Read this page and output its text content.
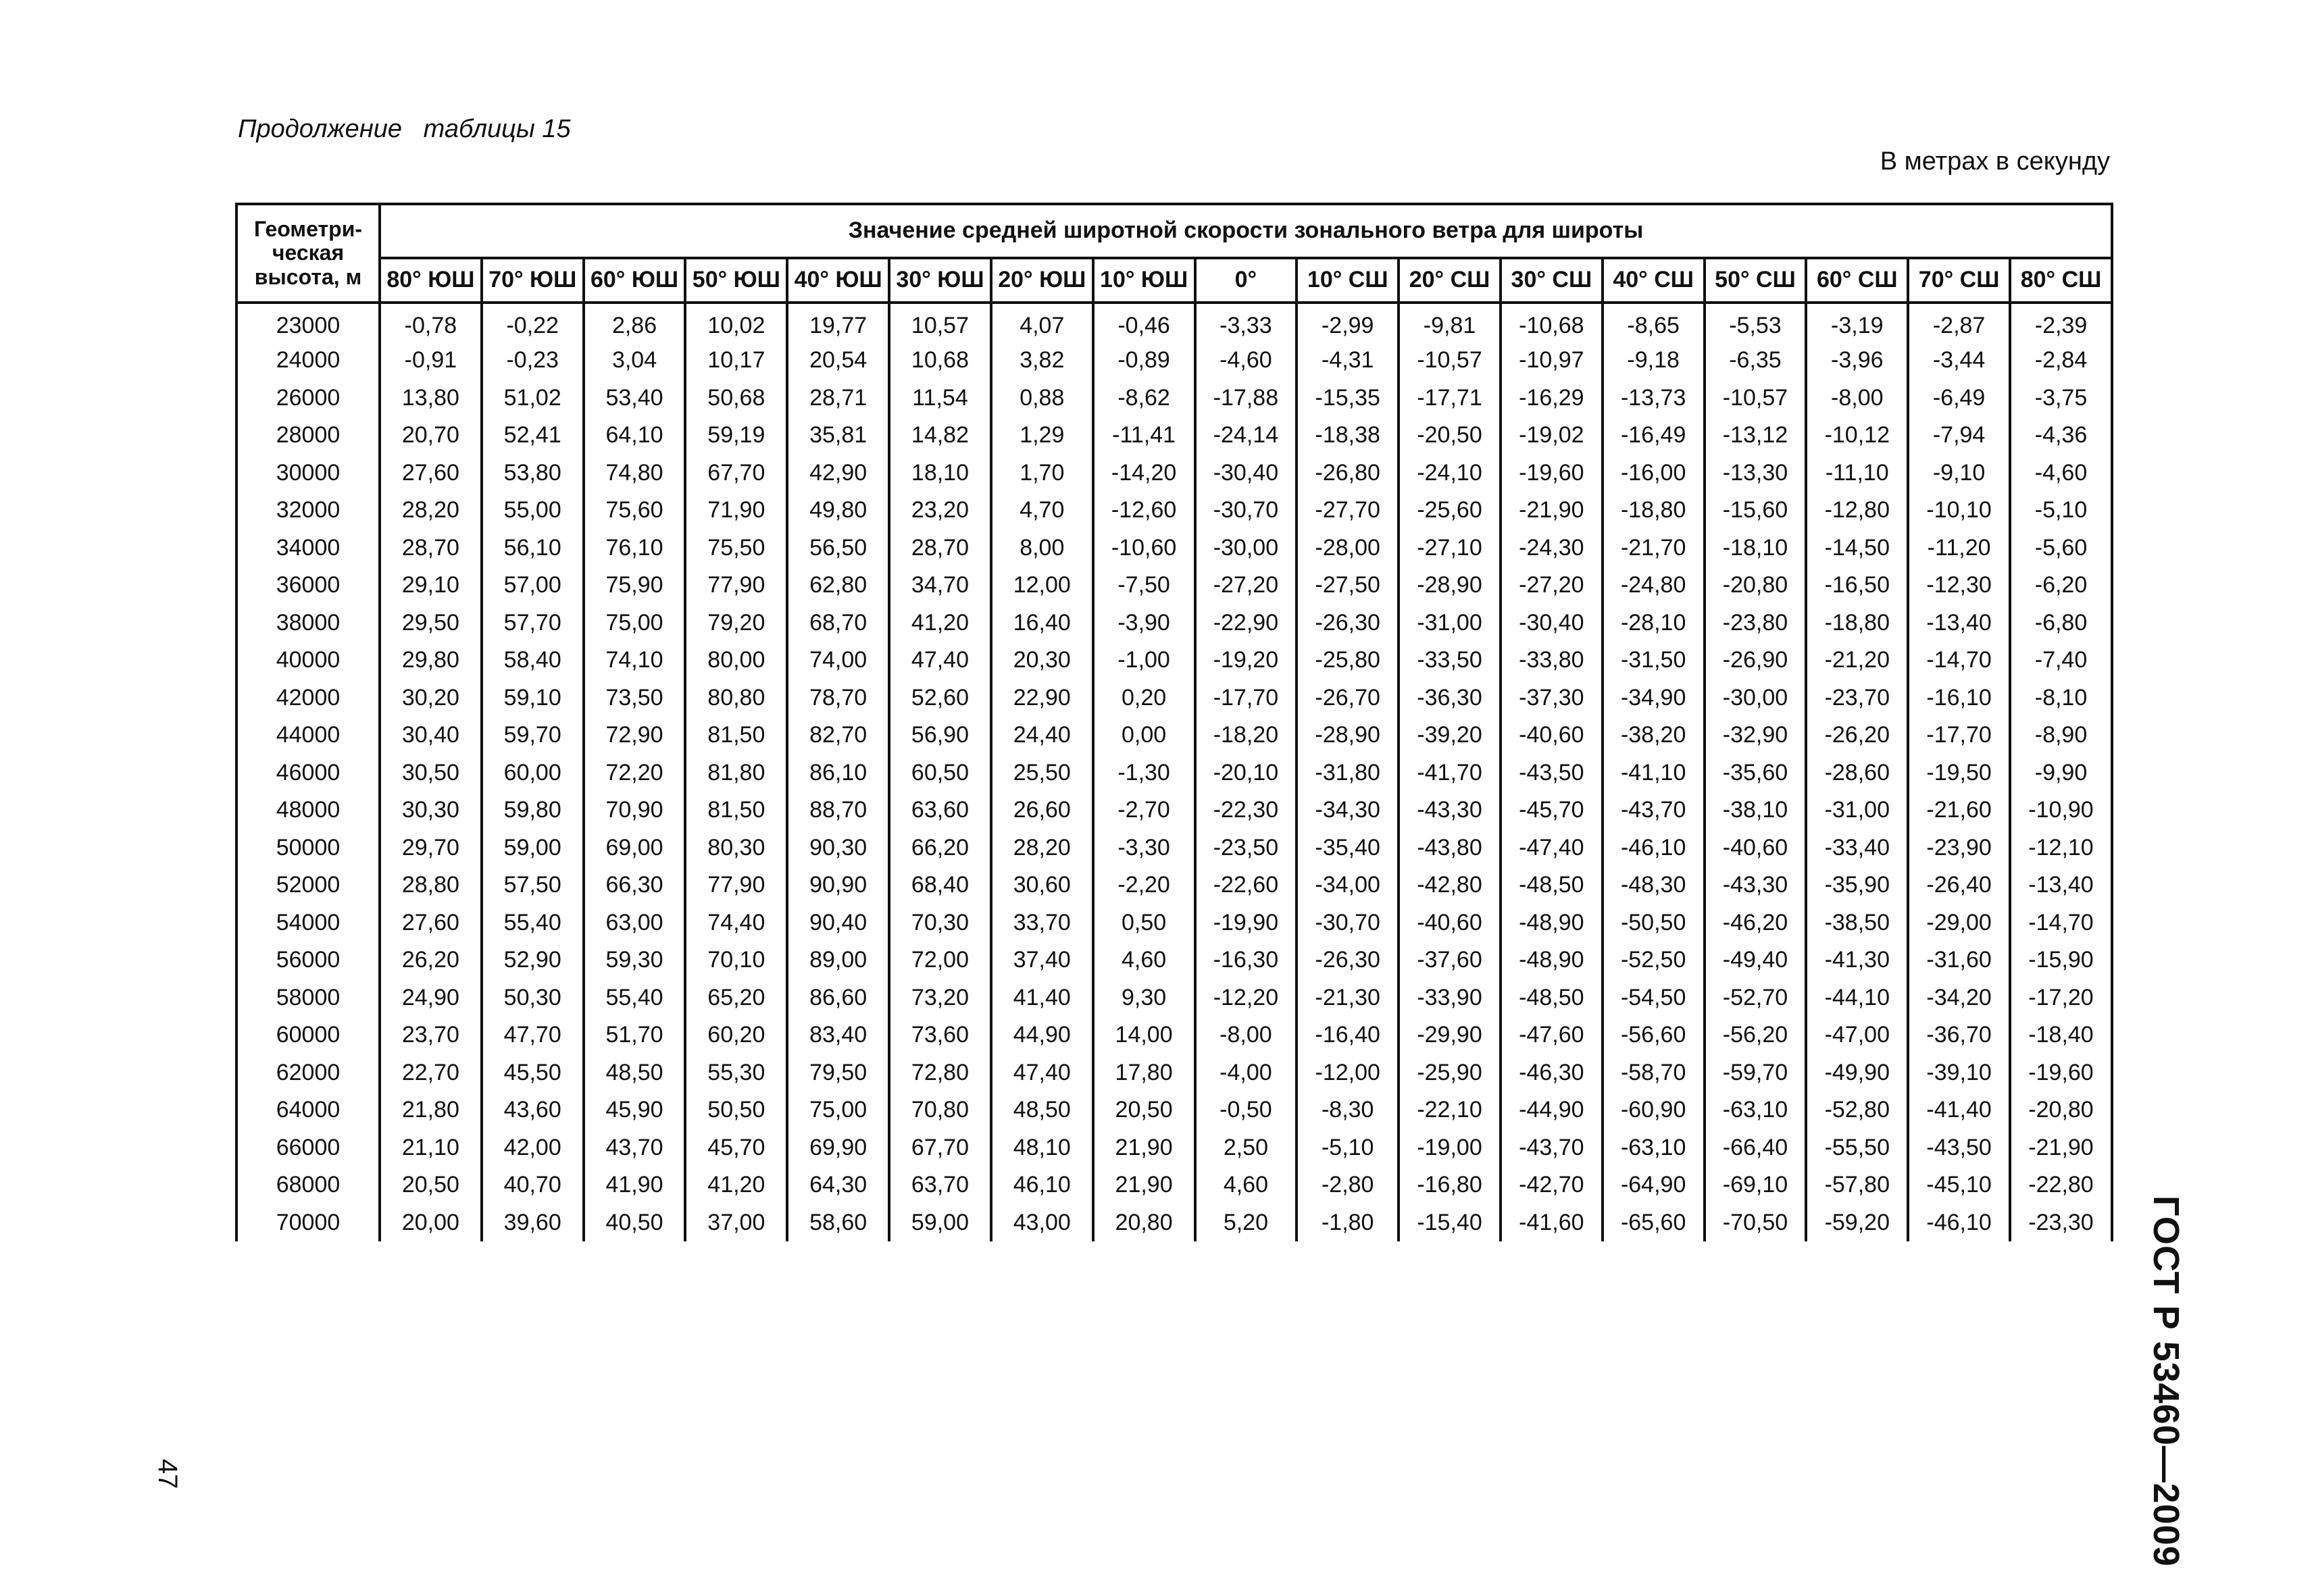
Продолжение   таблицы 15
В метрах в секунду
Геометри-
ческая
высота, м	Значение средней широтной скорости зонального ветра для широты																
	80° ЮШ	70° ЮШ	60° ЮШ	50° ЮШ	40° ЮШ	30° ЮШ	20° ЮШ	10° ЮШ	0°	10° СШ	20° СШ	30° СШ	40° СШ	50° СШ	60° СШ	70° СШ	80° СШ
23000	-0,78	-0,22	2,86	10,02	19,77	10,57	4,07	-0,46	-3,33	-2,99	-9,81	-10,68	-8,65	-5,53	-3,19	-2,87	-2,39
24000	-0,91	-0,23	3,04	10,17	20,54	10,68	3,82	-0,89	-4,60	-4,31	-10,57	-10,97	-9,18	-6,35	-3,96	-3,44	-2,84
26000	13,80	51,02	53,40	50,68	28,71	11,54	0,88	-8,62	-17,88	-15,35	-17,71	-16,29	-13,73	-10,57	-8,00	-6,49	-3,75
28000	20,70	52,41	64,10	59,19	35,81	14,82	1,29	-11,41	-24,14	-18,38	-20,50	-19,02	-16,49	-13,12	-10,12	-7,94	-4,36
30000	27,60	53,80	74,80	67,70	42,90	18,10	1,70	-14,20	-30,40	-26,80	-24,10	-19,60	-16,00	-13,30	-11,10	-9,10	-4,60
32000	28,20	55,00	75,60	71,90	49,80	23,20	4,70	-12,60	-30,70	-27,70	-25,60	-21,90	-18,80	-15,60	-12,80	-10,10	-5,10
34000	28,70	56,10	76,10	75,50	56,50	28,70	8,00	-10,60	-30,00	-28,00	-27,10	-24,30	-21,70	-18,10	-14,50	-11,20	-5,60
36000	29,10	57,00	75,90	77,90	62,80	34,70	12,00	-7,50	-27,20	-27,50	-28,90	-27,20	-24,80	-20,80	-16,50	-12,30	-6,20
38000	29,50	57,70	75,00	79,20	68,70	41,20	16,40	-3,90	-22,90	-26,30	-31,00	-30,40	-28,10	-23,80	-18,80	-13,40	-6,80
40000	29,80	58,40	74,10	80,00	74,00	47,40	20,30	-1,00	-19,20	-25,80	-33,50	-33,80	-31,50	-26,90	-21,20	-14,70	-7,40
42000	30,20	59,10	73,50	80,80	78,70	52,60	22,90	0,20	-17,70	-26,70	-36,30	-37,30	-34,90	-30,00	-23,70	-16,10	-8,10
44000	30,40	59,70	72,90	81,50	82,70	56,90	24,40	0,00	-18,20	-28,90	-39,20	-40,60	-38,20	-32,90	-26,20	-17,70	-8,90
46000	30,50	60,00	72,20	81,80	86,10	60,50	25,50	-1,30	-20,10	-31,80	-41,70	-43,50	-41,10	-35,60	-28,60	-19,50	-9,90
48000	30,30	59,80	70,90	81,50	88,70	63,60	26,60	-2,70	-22,30	-34,30	-43,30	-45,70	-43,70	-38,10	-31,00	-21,60	-10,90
50000	29,70	59,00	69,00	80,30	90,30	66,20	28,20	-3,30	-23,50	-35,40	-43,80	-47,40	-46,10	-40,60	-33,40	-23,90	-12,10
52000	28,80	57,50	66,30	77,90	90,90	68,40	30,60	-2,20	-22,60	-34,00	-42,80	-48,50	-48,30	-43,30	-35,90	-26,40	-13,40
54000	27,60	55,40	63,00	74,40	90,40	70,30	33,70	0,50	-19,90	-30,70	-40,60	-48,90	-50,50	-46,20	-38,50	-29,00	-14,70
56000	26,20	52,90	59,30	70,10	89,00	72,00	37,40	4,60	-16,30	-26,30	-37,60	-48,90	-52,50	-49,40	-41,30	-31,60	-15,90
58000	24,90	50,30	55,40	65,20	86,60	73,20	41,40	9,30	-12,20	-21,30	-33,90	-48,50	-54,50	-52,70	-44,10	-34,20	-17,20
60000	23,70	47,70	51,70	60,20	83,40	73,60	44,90	14,00	-8,00	-16,40	-29,90	-47,60	-56,60	-56,20	-47,00	-36,70	-18,40
62000	22,70	45,50	48,50	55,30	79,50	72,80	47,40	17,80	-4,00	-12,00	-25,90	-46,30	-58,70	-59,70	-49,90	-39,10	-19,60
64000	21,80	43,60	45,90	50,50	75,00	70,80	48,50	20,50	-0,50	-8,30	-22,10	-44,90	-60,90	-63,10	-52,80	-41,40	-20,80
66000	21,10	42,00	43,70	45,70	69,90	67,70	48,10	21,90	2,50	-5,10	-19,00	-43,70	-63,10	-66,40	-55,50	-43,50	-21,90
68000	20,50	40,70	41,90	41,20	64,30	63,70	46,10	21,90	4,60	-2,80	-16,80	-42,70	-64,90	-69,10	-57,80	-45,10	-22,80
70000	20,00	39,60	40,50	37,00	58,60	59,00	43,00	20,80	5,20	-1,80	-15,40	-41,60	-65,60	-70,50	-59,20	-46,10	-23,30 ГОСТ Р 53460—2009
47
